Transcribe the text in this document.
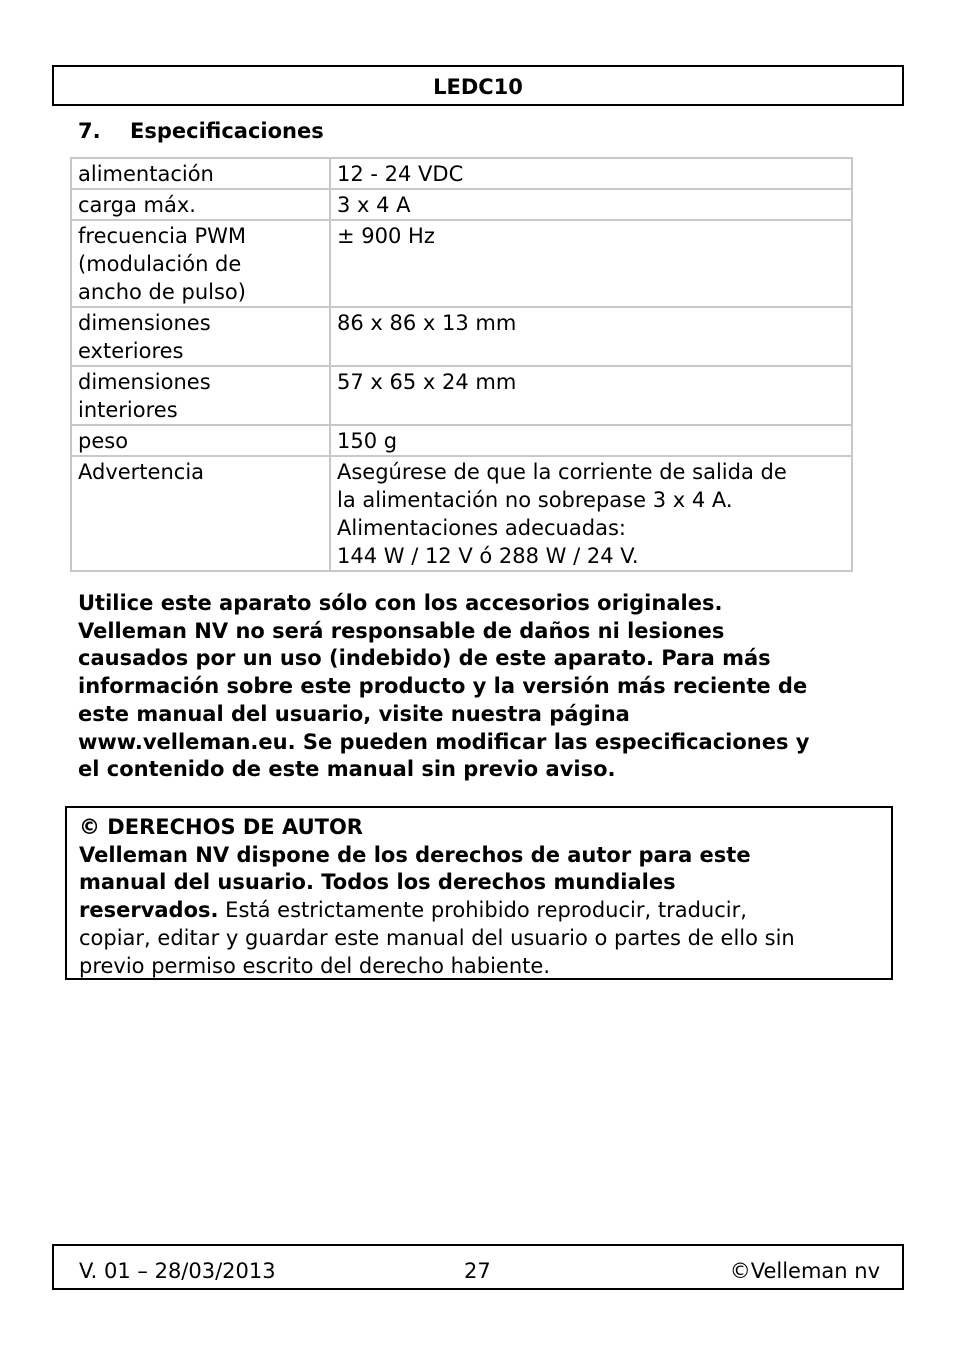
LEDC10
7. Especificaciones
alimentación	12 - 24 VDC

carga máx.	3 x 4 A

frecuencia PWM
(modulación de
ancho de pulso)	± 900 Hz

dimensiones
exteriores	86 x 86 x 13 mm

dimensiones
interiores	57 x 65 x 24 mm

peso	150 g

Advertencia	Asegúrese de que la corriente de salida de
la alimentación no sobrepase 3 x 4 A.
Alimentaciones adecuadas:
144 W / 12 V ó 288 W / 24 V.
Utilice este aparato sólo con los accesorios originales.
Velleman NV no será responsable de daños ni lesiones
causados por un uso (indebido) de este aparato. Para más
información sobre este producto y la versión más reciente de
este manual del usuario, visite nuestra página
www.velleman.eu. Se pueden modificar las especificaciones y
el contenido de este manual sin previo aviso.
© DERECHOS DE AUTOR
Velleman NV dispone de los derechos de autor para este
manual del usuario. Todos los derechos mundiales
reservados. Está estrictamente prohibido reproducir, traducir,
copiar, editar y guardar este manual del usuario o partes de ello sin
previo permiso escrito del derecho habiente.
V. 01 – 28/03/2013	27	©Velleman nv
